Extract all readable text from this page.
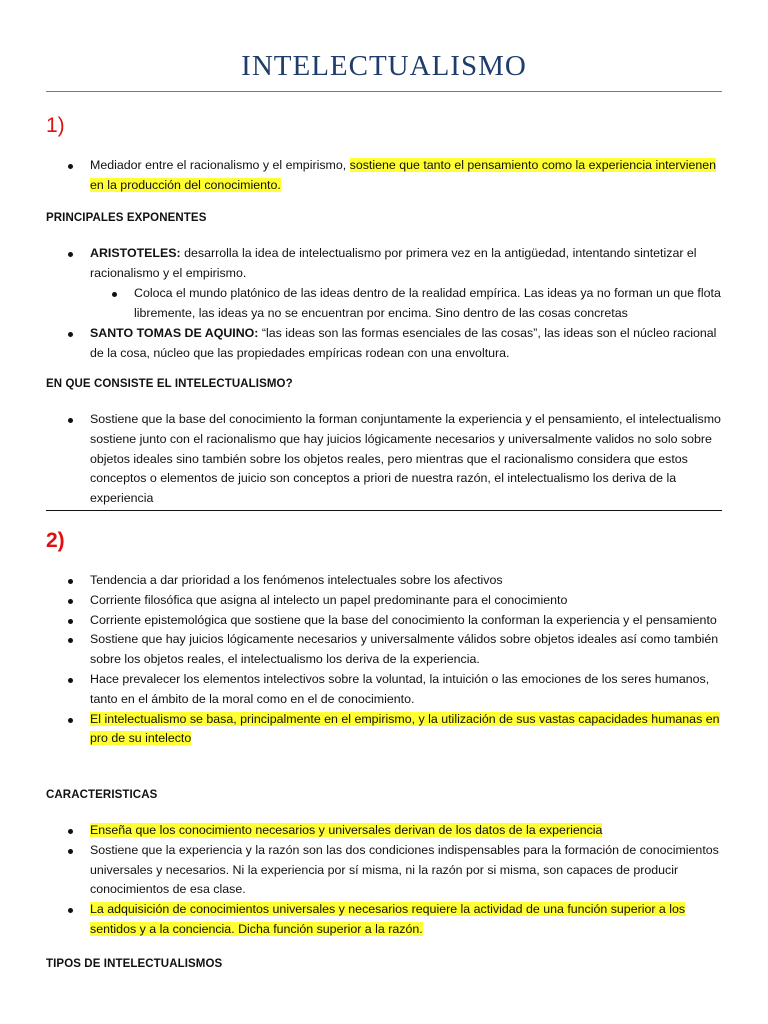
INTELECTUALISMO
1)
Mediador entre el racionalismo y el empirismo, sostiene que tanto el pensamiento como la experiencia intervienen en la producción del conocimiento.
PRINCIPALES EXPONENTES
ARISTOTELES: desarrolla la idea de intelectualismo por primera vez en la antigüedad, intentando sintetizar el racionalismo y el empirismo.
Coloca el mundo platónico de las ideas dentro de la realidad empírica. Las ideas ya no forman un que flota libremente, las ideas ya no se encuentran por encima. Sino dentro de las cosas concretas
SANTO TOMAS DE AQUINO: “las ideas son las formas esenciales de las cosas”, las ideas son el núcleo racional de la cosa, núcleo que las propiedades empíricas rodean con una envoltura.
EN QUE CONSISTE EL INTELECTUALISMO?
Sostiene que la base del conocimiento la forman conjuntamente la experiencia y el pensamiento, el intelectualismo sostiene junto con el racionalismo que hay juicios lógicamente necesarios y universalmente validos no solo sobre objetos ideales sino también sobre los objetos reales, pero mientras que el racionalismo considera que estos conceptos o elementos de juicio son conceptos a priori de nuestra razón, el intelectualismo los deriva de la experiencia
2)
Tendencia a dar prioridad a los fenómenos intelectuales sobre los afectivos
Corriente filosófica que asigna al intelecto un papel predominante para el conocimiento
Corriente epistemológica que sostiene que la base del conocimiento la conforman la experiencia y el pensamiento
Sostiene que hay juicios lógicamente necesarios y universalmente válidos sobre objetos ideales así como también sobre los objetos reales, el intelectualismo los deriva de la experiencia.
Hace prevalecer los elementos intelectivos sobre la voluntad, la intuición o las emociones de los seres humanos, tanto en el ámbito de la moral como en el de conocimiento.
El intelectualismo se basa, principalmente en el empirismo, y la utilización de sus vastas capacidades humanas en pro de su intelecto
CARACTERISTICAS
Enseña que los conocimiento necesarios y universales derivan de los datos de la experiencia
Sostiene que la experiencia y la razón son las dos condiciones indispensables para la formación de conocimientos universales y necesarios. Ni la experiencia por sí misma, ni la razón por si misma, son capaces de producir conocimientos de esa clase.
La adquisición de conocimientos universales y necesarios requiere la actividad de una función superior a los sentidos y a la conciencia. Dicha función superior a la razón.
TIPOS DE INTELECTUALISMOS
